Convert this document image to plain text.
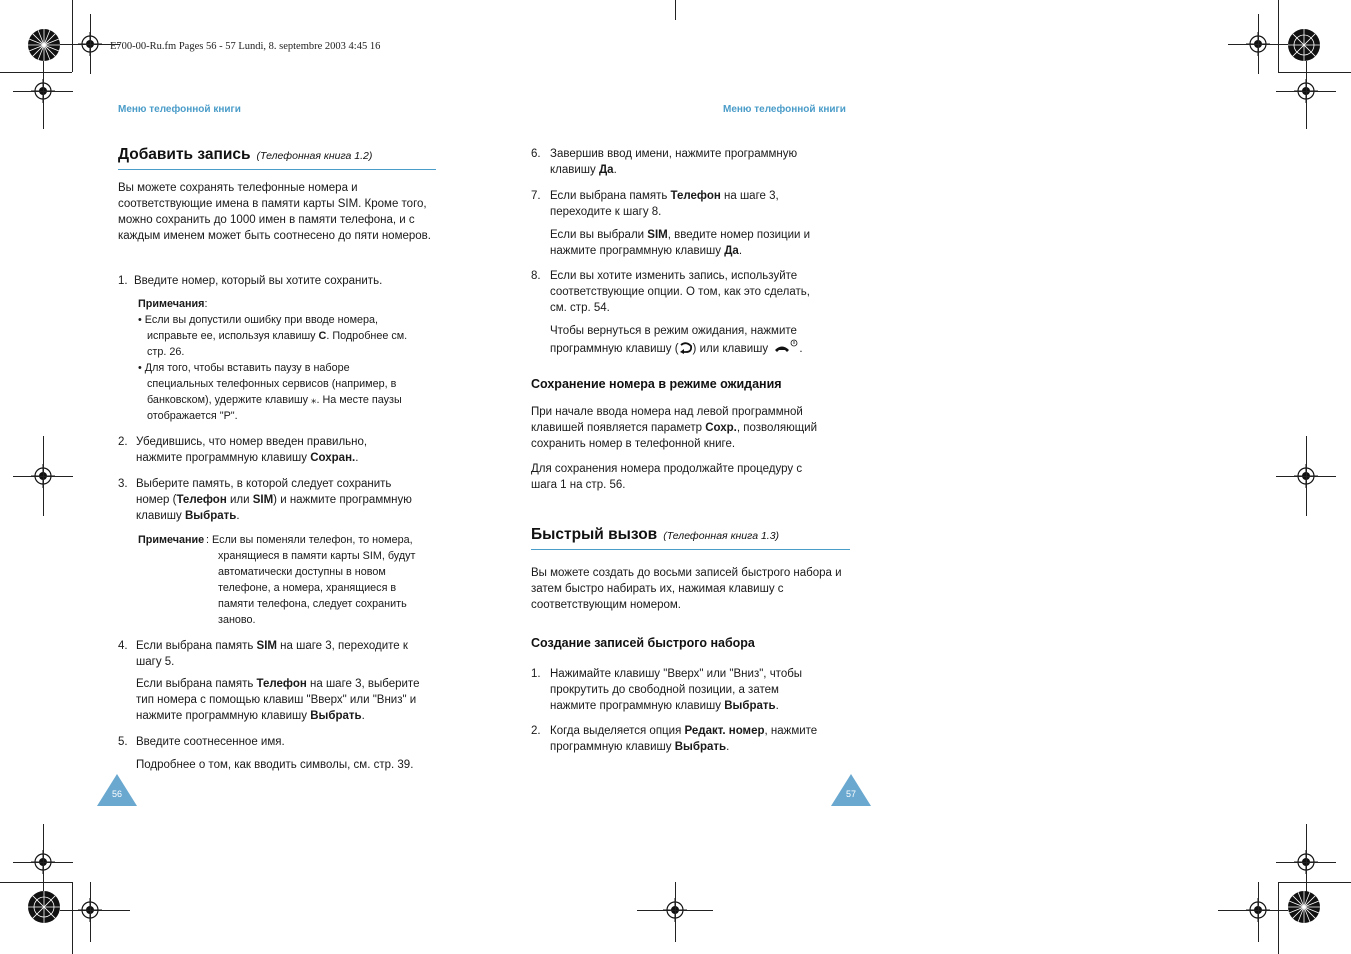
E700-00-Ru.fm Pages 56 - 57 Lundi, 8. septembre 2003 4:45 16
Меню телефонной книги
Добавить запись (Телефонная книга 1.2)
Вы можете сохранять телефонные номера и соответствующие имена в памяти карты SIM. Кроме того, можно сохранить до 1000 имен в памяти телефона, и с каждым именем может быть соотнесено до пяти номеров.
1. Введите номер, который вы хотите сохранить.
Примечания:
• Если вы допустили ошибку при вводе номера,
исправьте ее, используя клавишу C. Подробнее см.
стр. 26.
• Для того, чтобы вставить паузу в наборе
специальных телефонных сервисов (например, в
банковском), удержите клавишу ⁎. На месте паузы
отображается "P".
2. Убедившись, что номер введен правильно,
нажмите программную клавишу Сохран..
3. Выберите память, в которой следует сохранить
номер (Телефон или SIM) и нажмите программную
клавишу Выбрать.
Примечание : Если вы поменяли телефон, то номера,
хранящиеся в памяти карты SIM, будут
автоматически доступны в новом
телефоне, а номера, хранящиеся в
памяти телефона, следует сохранить
заново.
4. Если выбрана память SIM на шаге 3, переходите к
шагу 5.
Если выбрана память Телефон на шаге 3, выберите
тип номера с помощью клавиш "Вверх" или "Вниз" и
нажмите программную клавишу Выбрать.
5. Введите соотнесенное имя.
Подробнее о том, как вводить символы, см. стр. 39.
56
Меню телефонной книги
6. Завершив ввод имени, нажмите программную
клавишу Да.
7. Если выбрана память Телефон на шаге 3,
переходите к шагу 8.
Если вы выбрали SIM, введите номер позиции и
нажмите программную клавишу Да.
8. Если вы хотите изменить запись, используйте
соответствующие опции. О том, как это сделать,
см. стр. 54.
Чтобы вернуться в режим ожидания, нажмите
программную клавишу ( ) или клавишу	.
Сохранение номера в режиме ожидания
При начале ввода номера над левой программной
клавишей появляется параметр Сохр., позволяющий
сохранить номер в телефонной книге.
Для сохранения номера продолжайте процедуру с шага 1 на стр. 56.
Быстрый вызов (Телефонная книга 1.3)
Вы можете создать до восьми записей быстрого набора и затем быстро набирать их, нажимая клавишу с соответствующим номером.
Создание записей быстрого набора
1. Нажимайте клавишу "Вверх" или "Вниз", чтобы
прокрутить до свободной позиции, а затем
нажмите программную клавишу Выбрать.
2. Когда выделяется опция Редакт. номер, нажмите
программную клавишу Выбрать.
57
